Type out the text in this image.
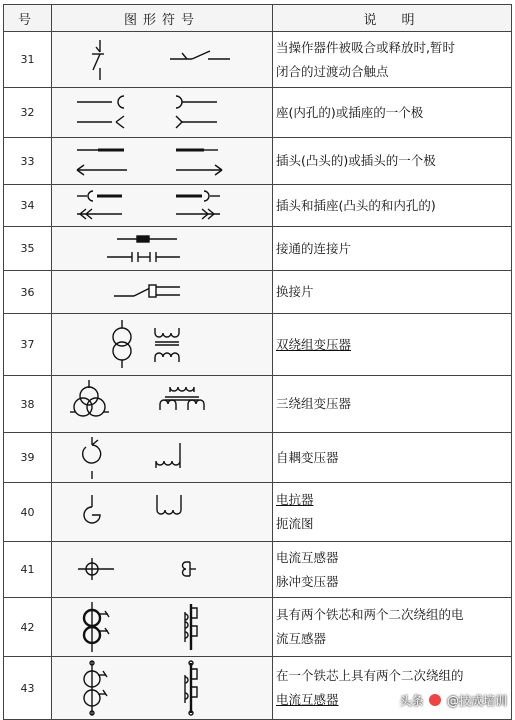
号	图形符号	说　明
31		当操作器件被吸合或释放时,暂时
闭合的过渡动合触点

32		座(内孔的)或插座的一个极

33		插头(凸头的)或插头的一个极

34		插头和插座(凸头的和内孔的)

35		接通的连接片

36		换接片

37		双绕组变压器

38		三绕组变压器

39		自耦变压器

40		电抗器
扼流图

41		电流互感器
脉冲变压器

42		具有两个铁芯和两个二次绕组的电
流互感器

43		在一个铁芯上具有两个二次绕组的
电流互感器	头条 @技成培训
